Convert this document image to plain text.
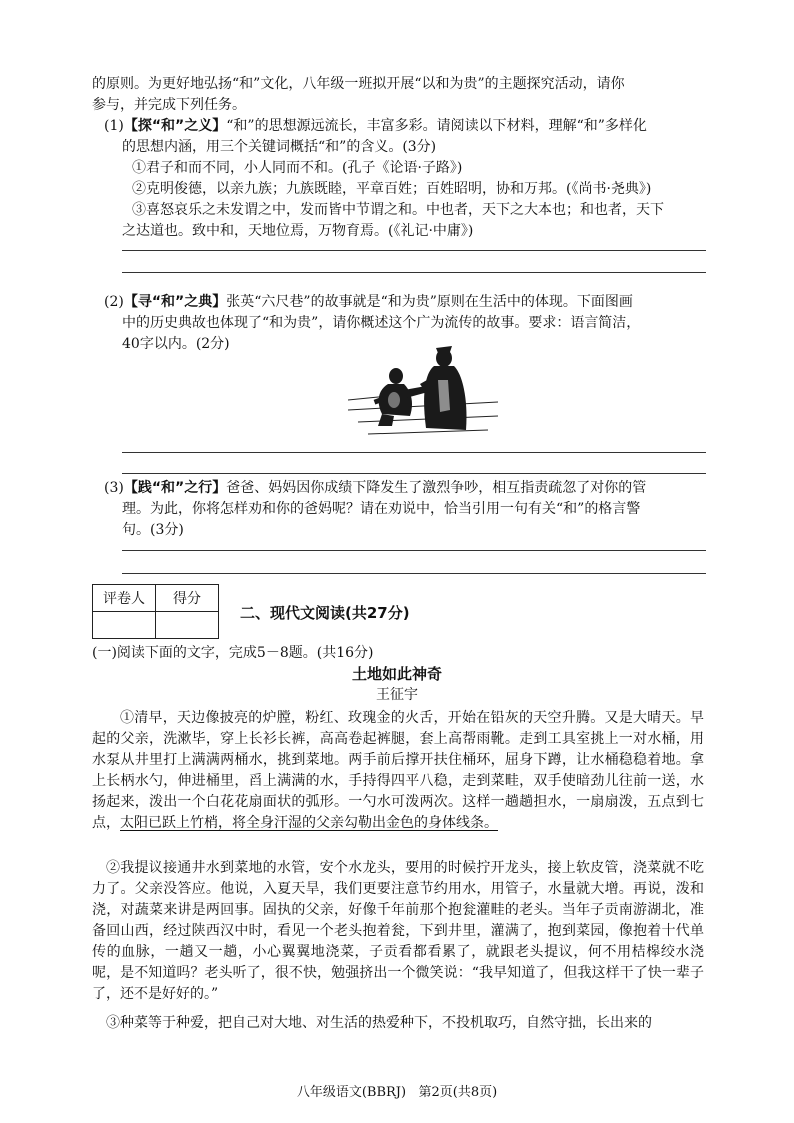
的原则。为更好地弘扬“和”文化，八年级一班拟开展“以和为贵”的主题探究活动，请你
参与，并完成下列任务。
(1)【探“和”之义】“和”的思想源远流长，丰富多彩。请阅读以下材料，理解“和”多样化
的思想内涵，用三个关键词概括“和”的含义。(3分)
①君子和而不同，小人同而不和。(孔子《论语·子路》)
②克明俊德，以亲九族；九族既睦，平章百姓；百姓昭明，协和万邦。(《尚书·尧典》)
③喜怒哀乐之未发谓之中，发而皆中节谓之和。中也者，天下之大本也；和也者，天下
之达道也。致中和，天地位焉，万物育焉。(《礼记·中庸》)
(2)【寻“和”之典】张英“六尺巷”的故事就是“和为贵”原则在生活中的体现。下面图画
中的历史典故也体现了“和为贵”，请你概述这个广为流传的故事。要求：语言简洁，
40字以内。(2分)
(3)【践“和”之行】爸爸、妈妈因你成绩下降发生了激烈争吵，相互指责疏忽了对你的管
理。为此，你将怎样劝和你的爸妈呢？请在劝说中，恰当引用一句有关“和”的格言警
句。(3分)
评卷人	得分

二、现代文阅读(共27分)
(一)阅读下面的文字，完成5－8题。(共16分)
土地如此神奇
王征宇
①清早，天边像披亮的炉膛，粉红、玫瑰金的火舌，开始在铅灰的天空升腾。又是大晴天。早起的父亲，洗漱毕，穿上长衫长裤，高高卷起裤腿，套上高帮雨靴。走到工具室挑上一对水桶，用水泵从井里打上满满两桶水，挑到菜地。两手前后撑开扶住桶环，屈身下蹲，让水桶稳稳着地。拿上长柄水勺，伸进桶里，舀上满满的水，手持得四平八稳，走到菜畦，双手使暗劲儿往前一送，水扬起来，泼出一个白花花扇面状的弧形。一勺水可泼两次。这样一趟趟担水，一扇扇泼，五点到七点，太阳已跃上竹梢，将全身汗湿的父亲勾勒出金色的身体线条。
②我提议接通井水到菜地的水管，安个水龙头，要用的时候拧开龙头，接上软皮管，浇菜就不吃力了。父亲没答应。他说，入夏天旱，我们更要注意节约用水，用管子，水量就大增。再说，泼和浇，对蔬菜来讲是两回事。固执的父亲，好像千年前那个抱瓮灌畦的老头。当年子贡南游湖北，准备回山西，经过陕西汉中时，看见一个老头抱着瓮，下到井里，灌满了，抱到菜园，像抱着十代单传的血脉，一趟又一趟，小心翼翼地浇菜，子贡看都看累了，就跟老头提议，何不用桔槔绞水浇呢，是不知道吗？老头听了，很不快，勉强挤出一个微笑说：“我早知道了，但我这样干了快一辈子了，还不是好好的。”
③种菜等于种爱，把自己对大地、对生活的热爱种下，不投机取巧，自然守拙，长出来的
八年级语文(BBRJ) 第2页(共8页)
